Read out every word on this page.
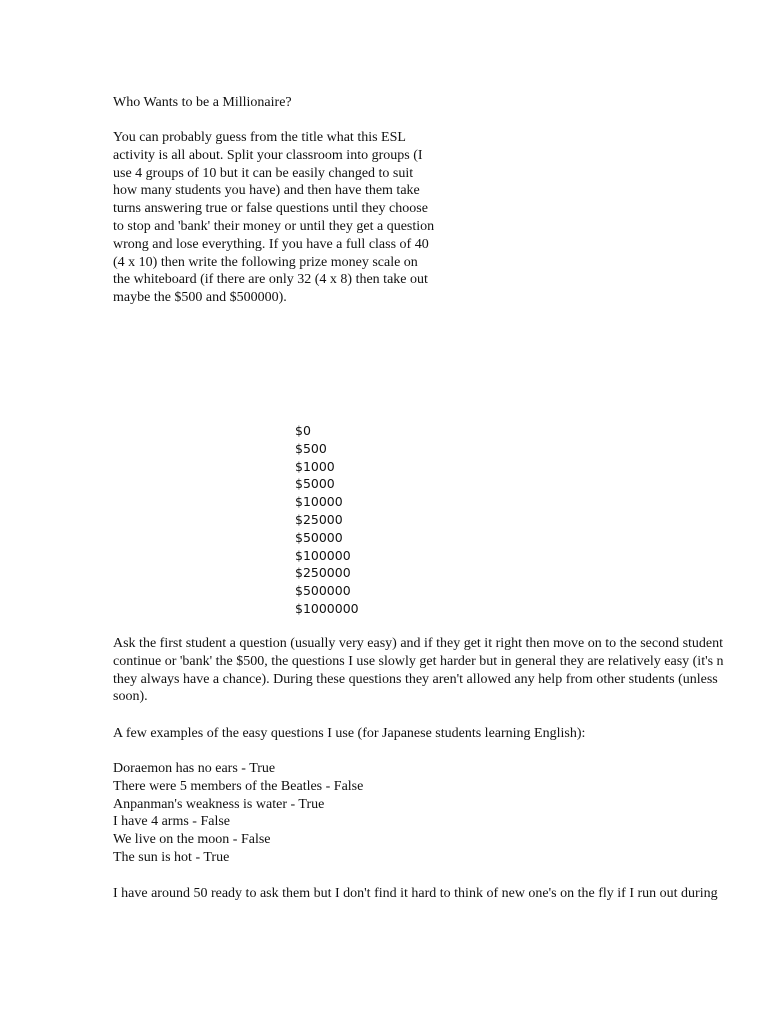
Who Wants to be a Millionaire?
You can probably guess from the title what this ESL
activity is all about. Split your classroom into groups (I
use 4 groups of 10 but it can be easily changed to suit
how many students you have) and then have them take
turns answering true or false questions until they choose
to stop and 'bank' their money or until they get a question
wrong and lose everything. If you have a full class of 40
(4 x 10) then write the following prize money scale on
the whiteboard (if there are only 32 (4 x 8) then take out
maybe the $500 and $500000).
$0
$500
$1000
$5000
$10000
$25000
$50000
$100000
$250000
$500000
$1000000
Ask the first student a question (usually very easy) and if they get it right then move on to the second student
continue or 'bank' the $500, the questions I use slowly get harder but in general they are relatively easy (it's n
they always have a chance). During these questions they aren't allowed any help from other students (unless
soon).
A few examples of the easy questions I use (for Japanese students learning English):
Doraemon has no ears - True
There were 5 members of the Beatles - False
Anpanman's weakness is water - True
I have 4 arms - False
We live on the moon - False
The sun is hot - True
I have around 50 ready to ask them but I don't find it hard to think of new one's on the fly if I run out during
